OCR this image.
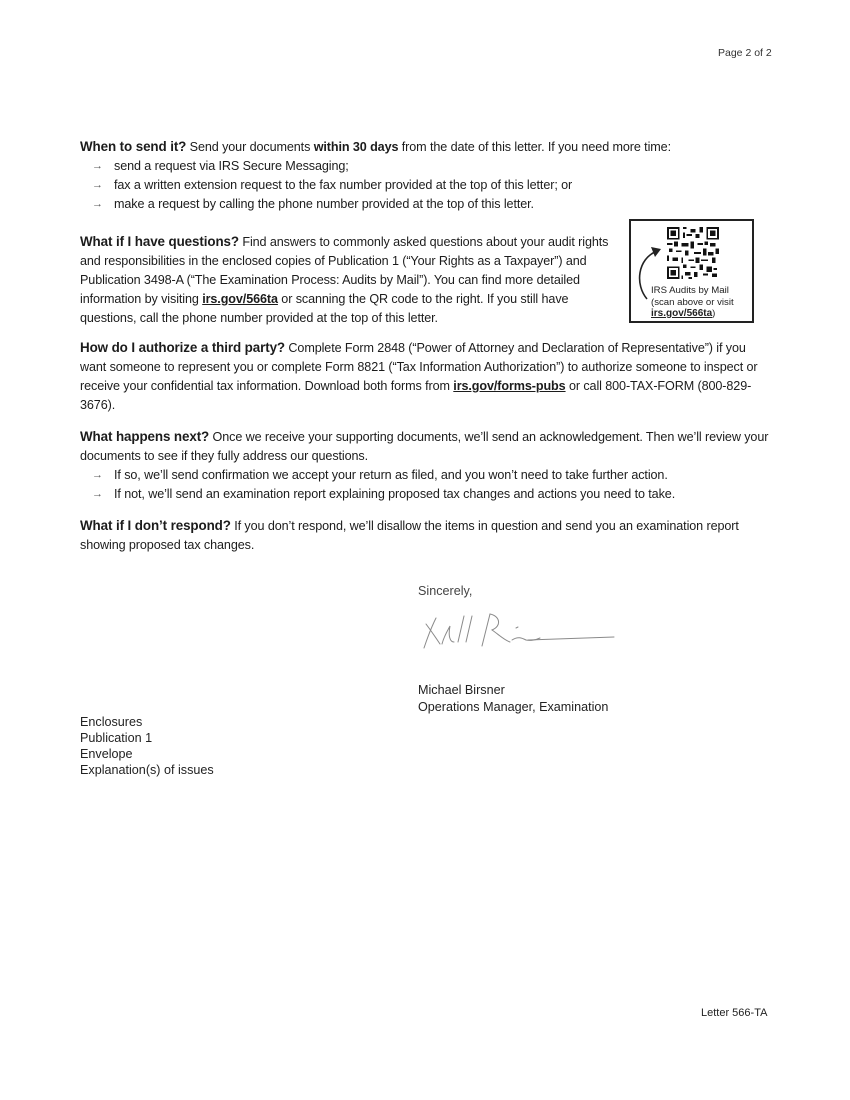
Page 2 of 2
When to send it? Send your documents within 30 days from the date of this letter. If you need more time:
→ send a request via IRS Secure Messaging;
→ fax a written extension request to the fax number provided at the top of this letter; or
→ make a request by calling the phone number provided at the top of this letter.
What if I have questions? Find answers to commonly asked questions about your audit rights and responsibilities in the enclosed copies of Publication 1 (“Your Rights as a Taxpayer”) and Publication 3498-A (“The Examination Process: Audits by Mail”). You can find more detailed information by visiting irs.gov/566ta or scanning the QR code to the right. If you still have questions, call the phone number provided at the top of this letter.
IRS Audits by Mail
(scan above or visit
irs.gov/566ta)
How do I authorize a third party? Complete Form 2848 (“Power of Attorney and Declaration of Representative”) if you want someone to represent you or complete Form 8821 (“Tax Information Authorization”) to authorize someone to inspect or receive your confidential tax information. Download both forms from irs.gov/forms-pubs or call 800-TAX-FORM (800-829-3676).
What happens next? Once we receive your supporting documents, we’ll send an acknowledgement. Then we’ll review your documents to see if they fully address our questions.
→ If so, we’ll send confirmation we accept your return as filed, and you won’t need to take further action.
→ If not, we’ll send an examination report explaining proposed tax changes and actions you need to take.
What if I don’t respond? If you don’t respond, we’ll disallow the items in question and send you an examination report showing proposed tax changes.
Sincerely,
Michael Birsner
Operations Manager, Examination
Enclosures
Publication 1
Envelope
Explanation(s) of issues
Letter 566-TA
